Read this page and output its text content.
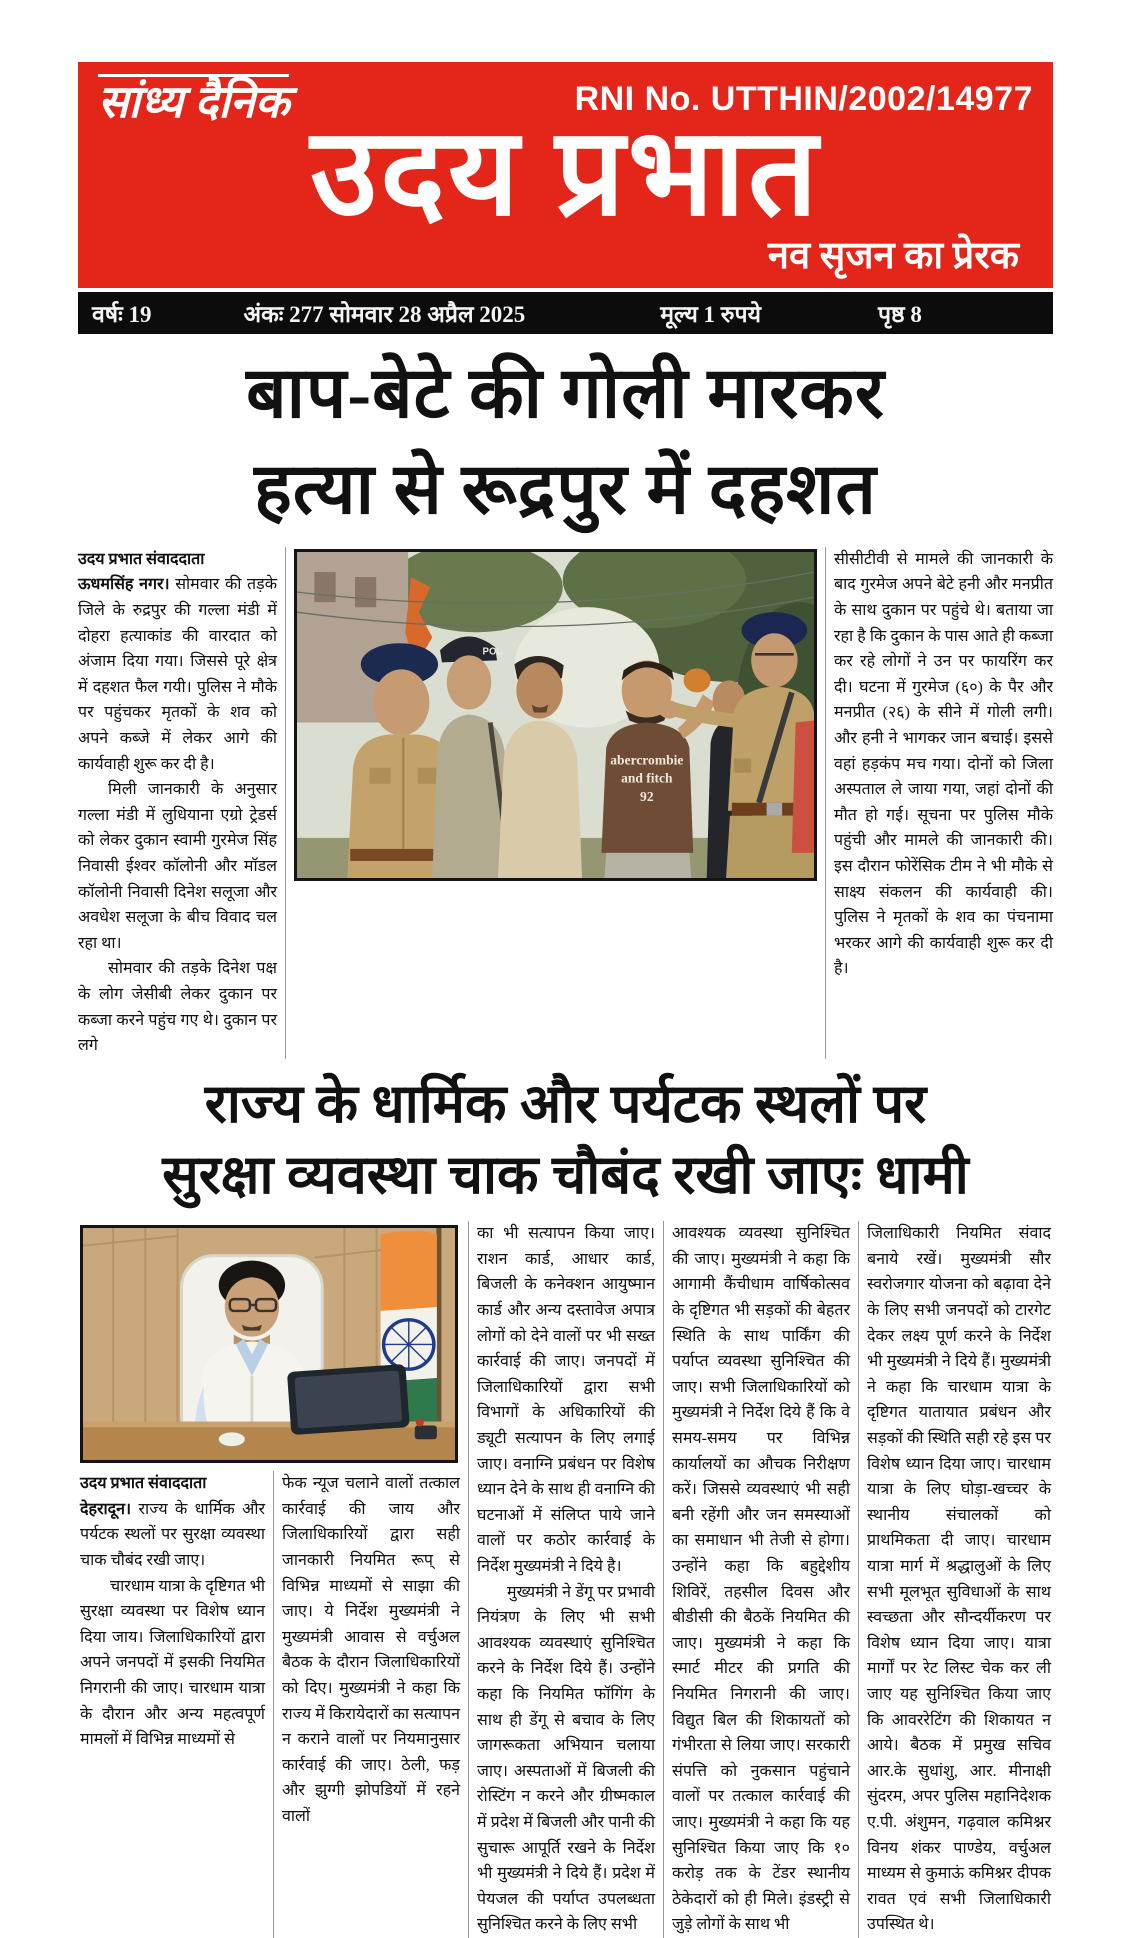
सांध्य दैनिक	RNI No. UTTHIN/2002/14977
उदय प्रभात
नव सृजन का प्रेरक
वर्षः 19	अंकः 277 सोमवार 28 अप्रैल 2025	मूल्य 1 रुपये	पृष्ठ 8
बाप-बेटे की गोली मारकर
हत्या से रूद्रपुर में दहशत

उदय प्रभात संवाददाता

ऊधमसिंह नगर। सोमवार की तड़के जिले के रुद्रपुर की गल्ला मंडी में दोहरा हत्याकांड की वारदात को अंजाम दिया गया। जिससे पूरे क्षेत्र में दहशत फैल गयी। पुलिस ने मौके पर पहुंचकर मृतकों के शव को अपने कब्जे में लेकर आगे की कार्यवाही शुरू कर दी है।

मिली जानकारी के अनुसार गल्ला मंडी में लुधियाना एग्रो ट्रेडर्स को लेकर दुकान स्वामी गुरमेज सिंह निवासी ईश्वर कॉलोनी और मॉडल कॉलोनी निवासी दिनेश सलूजा और अवधेश सलूजा के बीच विवाद चल रहा था।

सोमवार की तड़के दिनेश पक्ष के लोग जेसीबी लेकर दुकान पर कब्जा करने पहुंच गए थे। दुकान पर लगे

POL
abercrombie
and fitch
92

सीसीटीवी से मामले की जानकारी के बाद गुरमेज अपने बेटे हनी और मनप्रीत के साथ दुकान पर पहुंचे थे। बताया जा रहा है कि दुकान के पास आते ही कब्जा कर रहे लोगों ने उन पर फायरिंग कर दी। घटना में गुरमेज (६०) के पैर और मनप्रीत (२६) के सीने में गोली लगी। और हनी ने भागकर जान बचाई। इससे वहां हड़कंप मच गया। दोनों को जिला अस्पताल ले जाया गया, जहां दोनों की मौत हो गई। सूचना पर पुलिस मौके पहुंची और मामले की जानकारी की। इस दौरान फोरेंसिक टीम ने भी मौके से साक्ष्य संकलन की कार्यवाही की। पुलिस ने मृतकों के शव का पंचनामा भरकर आगे की कार्यवाही शुरू कर दी है।

राज्य के धार्मिक और पर्यटक स्थलों पर
सुरक्षा व्यवस्था चाक चौबंद रखी जाएः धामी

उदय प्रभात संवाददाता

देहरादून। राज्य के धार्मिक और पर्यटक स्थलों पर सुरक्षा व्यवस्था चाक चौबंद रखी जाए।

चारधाम यात्रा के दृष्टिगत भी सुरक्षा व्यवस्था पर विशेष ध्यान दिया जाय। जिलाधिकारियों द्वारा अपने जनपदों में इसकी नियमित निगरानी की जाए। चारधाम यात्रा के दौरान और अन्य महत्वपूर्ण मामलों में विभिन्न माध्यमों से

फेक न्यूज चलाने वालों तत्काल कार्रवाई की जाय और जिलाधिकारियों द्वारा सही जानकारी नियमित रूप् से विभिन्न माध्यमों से साझा की जाए। ये निर्देश मुख्यमंत्री ने मुख्यमंत्री आवास से वर्चुअल बैठक के दौरान जिलाधिकारियों को दिए। मुख्यमंत्री ने कहा कि राज्य में किरायेदारों का सत्यापन न कराने वालों पर नियमानुसार कार्रवाई की जाए। ठेली, फड़ और झुग्गी झोपडियों में रहने वालों

का भी सत्यापन किया जाए। राशन कार्ड, आधार कार्ड, बिजली के कनेक्शन आयुष्मान कार्ड और अन्य दस्तावेज अपात्र लोगों को देने वालों पर भी सख्त कार्रवाई की जाए। जनपदों में जिलाधिकारियों द्वारा सभी विभागों के अधिकारियों की ड्यूटी सत्यापन के लिए लगाई जाए। वनाग्नि प्रबंधन पर विशेष ध्यान देने के साथ ही वनाग्नि की घटनाओं में संलिप्त पाये जाने वालों पर कठोर कार्रवाई के निर्देश मुख्यमंत्री ने दिये है।

मुख्यमंत्री ने डेंगू पर प्रभावी नियंत्रण के लिए भी सभी आवश्यक व्यवस्थाएं सुनिश्चित करने के निर्देश दिये हैं। उन्होंने कहा कि नियमित फॉगिंग के साथ ही डेंगू से बचाव के लिए जागरूकता अभियान चलाया जाए। अस्पताओं में बिजली की रोस्टिंग न करने और ग्रीष्मकाल में प्रदेश में बिजली और पानी की सुचारू आपूर्ति रखने के निर्देश भी मुख्यमंत्री ने दिये हैं। प्रदेश में पेयजल की पर्याप्त उपलब्धता सुनिश्चित करने के लिए सभी

आवश्यक व्यवस्था सुनिश्चित की जाए। मुख्यमंत्री ने कहा कि आगामी कैंचीधाम वार्षिकोत्सव के दृष्टिगत भी सड़कों की बेहतर स्थिति के साथ पार्किंग की पर्याप्त व्यवस्था सुनिश्चित की जाए। सभी जिलाधिकारियों को मुख्यमंत्री ने निर्देश दिये हैं कि वे समय-समय पर विभिन्न कार्यालयों का औचक निरीक्षण करें। जिससे व्यवस्थाएं भी सही बनी रहेंगी और जन समस्याओं का समाधान भी तेजी से होगा। उन्होंने कहा कि बहुद्देशीय शिविरें, तहसील दिवस और बीडीसी की बैठकें नियमित की जाए। मुख्यमंत्री ने कहा कि स्मार्ट मीटर की प्रगति की नियमित निगरानी की जाए। विद्युत बिल की शिकायतों को गंभीरता से लिया जाए। सरकारी संपत्ति को नुकसान पहुंचाने वालों पर तत्काल कार्रवाई की जाए। मुख्यमंत्री ने कहा कि यह सुनिश्चित किया जाए कि १० करोड़ तक के टेंडर स्थानीय ठेकेदारों को ही मिले। इंडस्ट्री से जुड़े लोगों के साथ भी

जिलाधिकारी नियमित संवाद बनाये रखें। मुख्यमंत्री सौर स्वरोजगार योजना को बढ़ावा देने के लिए सभी जनपदों को टारगेट देकर लक्ष्य पूर्ण करने के निर्देश भी मुख्यमंत्री ने दिये हैं। मुख्यमंत्री ने कहा कि चारधाम यात्रा के दृष्टिगत यातायात प्रबंधन और सड़कों की स्थिति सही रहे इस पर विशेष ध्यान दिया जाए। चारधाम यात्रा के लिए घोड़ा-खच्चर के स्थानीय संचालकों को प्राथमिकता दी जाए। चारधाम यात्रा मार्ग में श्रद्धालुओं के लिए सभी मूलभूत सुविधाओं के साथ स्वच्छता और सौन्दर्यीकरण पर विशेष ध्यान दिया जाए। यात्रा मार्गों पर रेट लिस्ट चेक कर ली जाए यह सुनिश्चित किया जाए कि आवररेटिंग की शिकायत न आये। बैठक में प्रमुख सचिव आर.के सुधांशु, आर. मीनाक्षी सुंदरम, अपर पुलिस महानिदेशक ए.पी. अंशुमन, गढ़वाल कमिश्नर विनय शंकर पाण्डेय, वर्चुअल माध्यम से कुमाऊं कमिश्नर दीपक रावत एवं सभी जिलाधिकारी उपस्थित थे।
